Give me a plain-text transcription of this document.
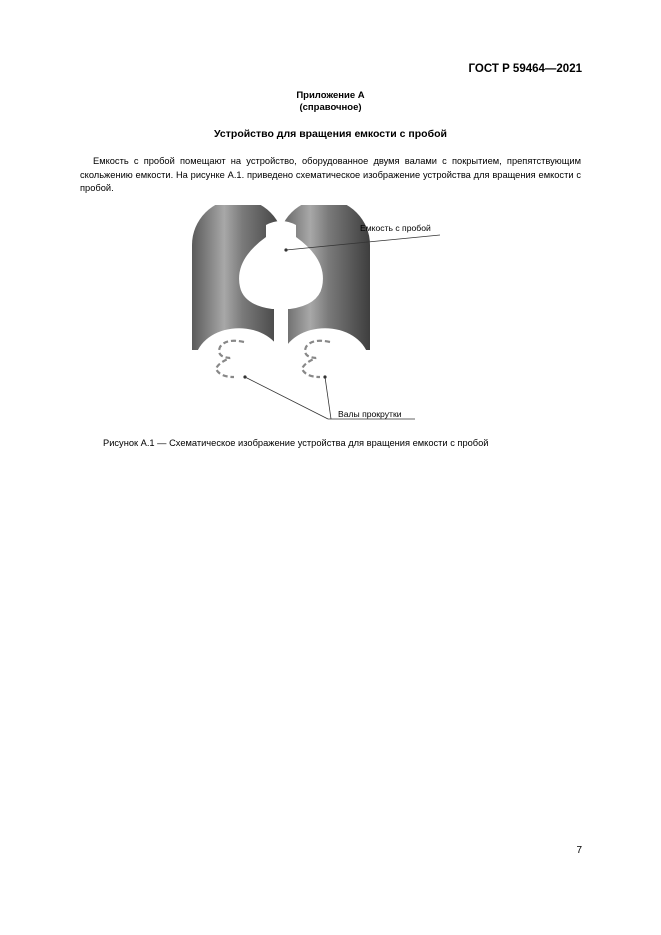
ГОСТ Р 59464—2021
Приложение А
(справочное)
Устройство для вращения емкости с пробой

Емкость с пробой помещают на устройство, оборудованное двумя валами с покрытием, препятствующим скольжению емкости. На рисунке А.1. приведено схематическое изображение устройства для вращения емкости с пробой.

Емкость с пробой
Валы прокрутки
Рисунок А.1 — Схематическое изображение устройства для вращения емкости с пробой
7
